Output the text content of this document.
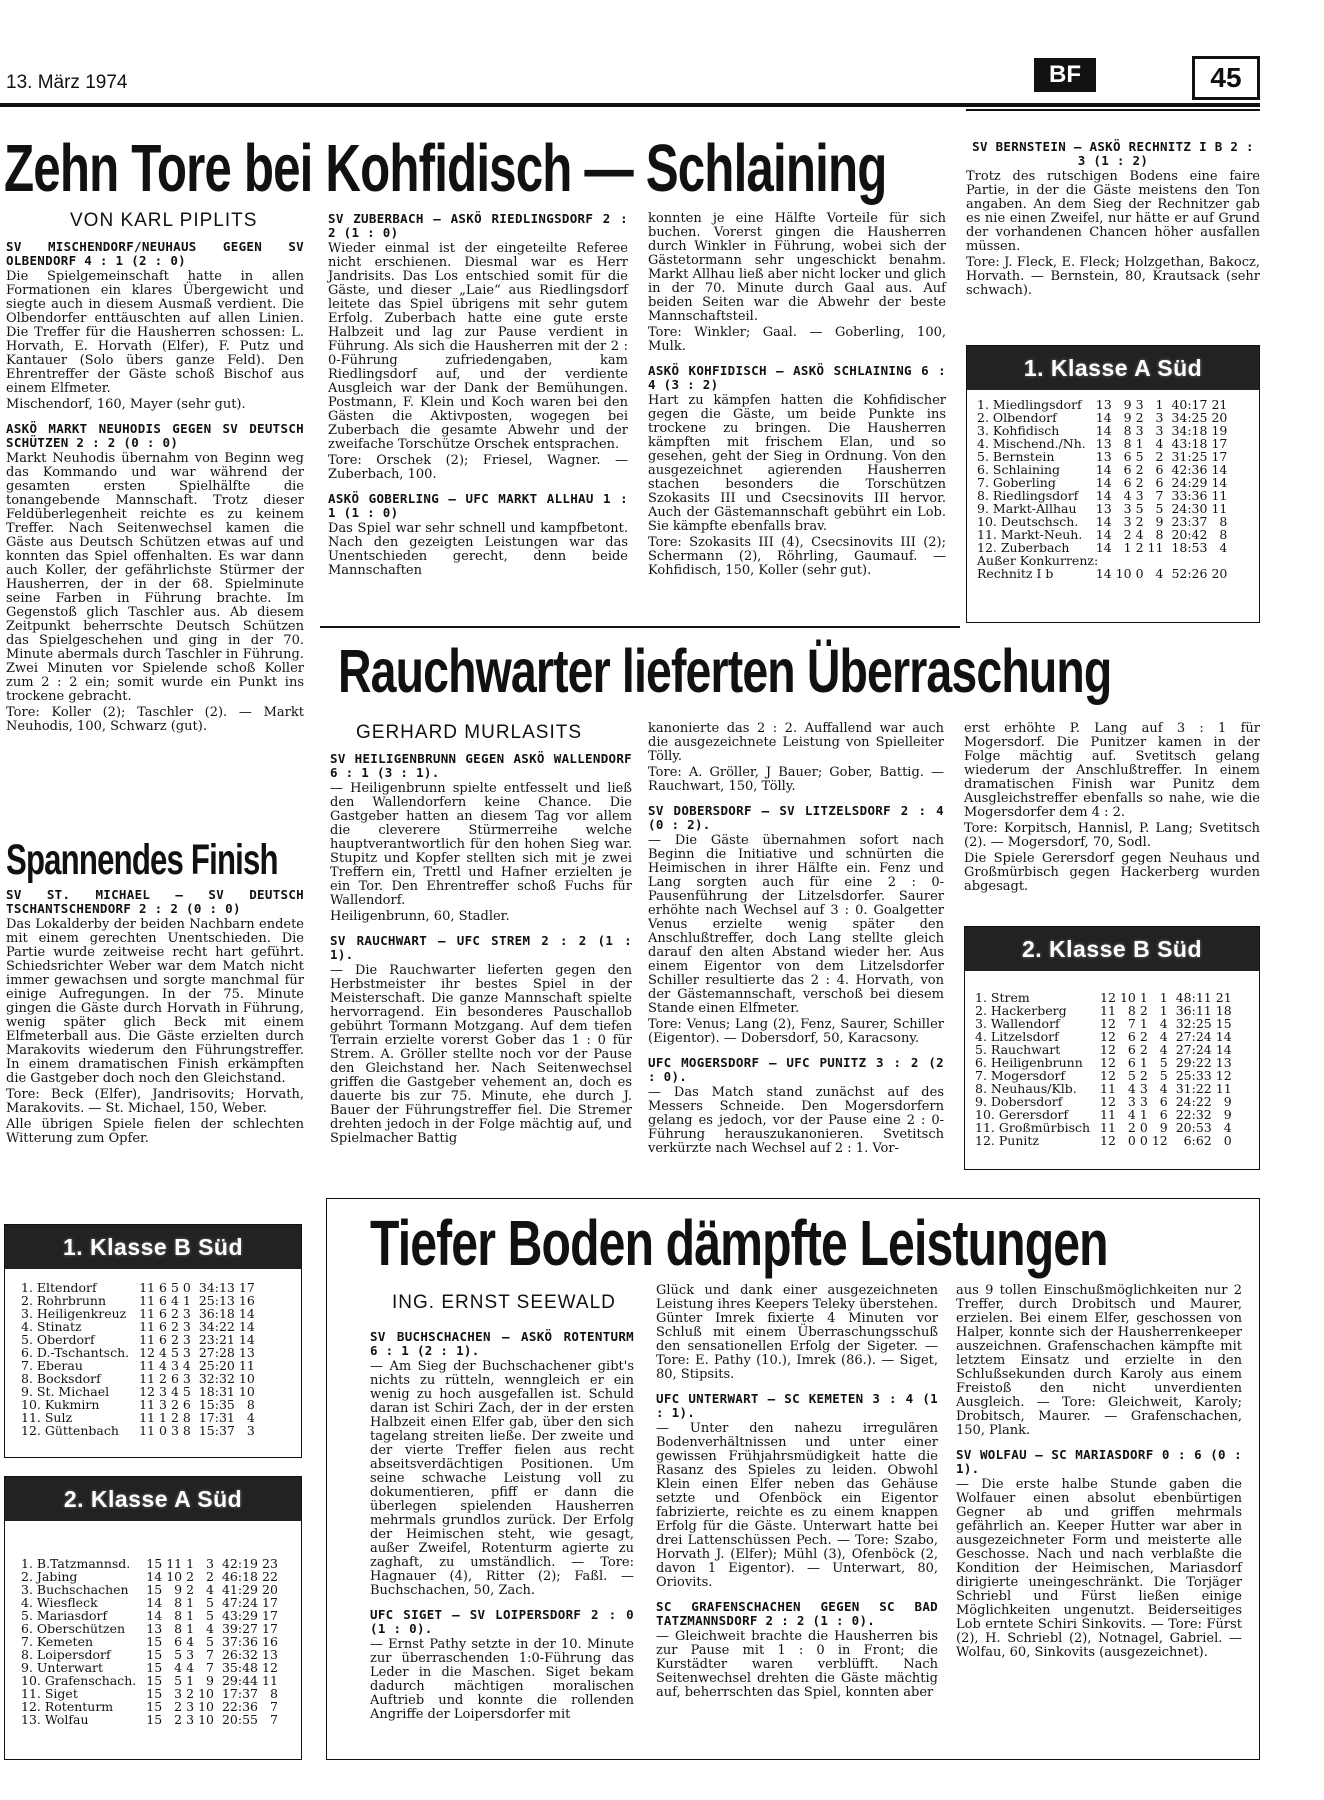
13. März 1974	BF	45
Zehn Tore bei Kohfidisch — Schlaining
VON KARL PIPLITS

SV MISCHENDORF/NEUHAUS GEGEN SV OLBENDORF 4 : 1 (2 : 0)

Die Spielgemeinschaft hatte in allen Formationen ein klares Übergewicht und siegte auch in diesem Ausmaß verdient. Die Olbendorfer enttäuschten auf allen Linien. Die Treffer für die Hausherren schossen: L. Horvath, E. Horvath (Elfer), F. Putz und Kantauer (Solo übers ganze Feld). Den Ehrentreffer der Gäste schoß Bischof aus einem Elfmeter.

Mischendorf, 160, Mayer (sehr gut).

ASKÖ MARKT NEUHODIS GEGEN SV DEUTSCH SCHÜTZEN 2 : 2 (0 : 0)

Markt Neuhodis übernahm von Beginn weg das Kommando und war während der gesamten ersten Spielhälfte die tonangebende Mannschaft. Trotz dieser Feldüberlegenheit reichte es zu keinem Treffer. Nach Seitenwechsel kamen die Gäste aus Deutsch Schützen etwas auf und konnten das Spiel offenhalten. Es war dann auch Koller, der gefährlichste Stürmer der Hausherren, der in der 68. Spielminute seine Farben in Führung brachte. Im Gegenstoß glich Taschler aus. Ab diesem Zeitpunkt beherrschte Deutsch Schützen das Spielgeschehen und ging in der 70. Minute abermals durch Taschler in Führung. Zwei Minuten vor Spielende schoß Koller zum 2 : 2 ein; somit wurde ein Punkt ins trockene gebracht.

Tore: Koller (2); Taschler (2). — Markt Neuhodis, 100, Schwarz (gut).

SV ZUBERBACH — ASKÖ RIEDLINGSDORF 2 : 2 (1 : 0)

Wieder einmal ist der eingeteilte Referee nicht erschienen. Diesmal war es Herr Jandrisits. Das Los entschied somit für die Gäste, und dieser „Laie“ aus Riedlingsdorf leitete das Spiel übrigens mit sehr gutem Erfolg. Zuberbach hatte eine gute erste Halbzeit und lag zur Pause verdient in Führung. Als sich die Hausherren mit der 2 : 0-Führung zufriedengaben, kam Riedlingsdorf auf, und der verdiente Ausgleich war der Dank der Bemühungen. Postmann, F. Klein und Koch waren bei den Gästen die Aktivposten, wogegen bei Zuberbach die gesamte Abwehr und der zweifache Torschütze Orschek entsprachen.

Tore: Orschek (2); Friesel, Wagner. — Zuberbach, 100.

ASKÖ GOBERLING — UFC MARKT ALLHAU 1 : 1 (1 : 0)

Das Spiel war sehr schnell und kampfbetont. Nach den gezeigten Leistungen war das Unentschieden gerecht, denn beide Mannschaften

konnten je eine Hälfte Vorteile für sich buchen. Vorerst gingen die Hausherren durch Winkler in Führung, wobei sich der Gästetormann sehr ungeschickt benahm. Markt Allhau ließ aber nicht locker und glich in der 70. Minute durch Gaal aus. Auf beiden Seiten war die Abwehr der beste Mannschaftsteil.

Tore: Winkler; Gaal. — Goberling, 100, Mulk.

ASKÖ KOHFIDISCH — ASKÖ SCHLAINING 6 : 4 (3 : 2)

Hart zu kämpfen hatten die Kohfidischer gegen die Gäste, um beide Punkte ins trockene zu bringen. Die Hausherren kämpften mit frischem Elan, und so gesehen, geht der Sieg in Ordnung. Von den ausgezeichnet agierenden Hausherren stachen besonders die Torschützen Szokasits III und Csecsinovits III hervor. Auch der Gästemannschaft gebührt ein Lob. Sie kämpfte ebenfalls brav.

Tore: Szokasits III (4), Csecsinovits III (2); Schermann (2), Röhrling, Gaumauf. — Kohfidisch, 150, Koller (sehr gut).

SV BERNSTEIN — ASKÖ RECHNITZ I B 2 : 3 (1 : 2)

Trotz des rutschigen Bodens eine faire Partie, in der die Gäste meistens den Ton angaben. An dem Sieg der Rechnitzer gab es nie einen Zweifel, nur hätte er auf Grund der vorhandenen Chancen höher ausfallen müssen.

Tore: J. Fleck, E. Fleck; Holzgethan, Bakocz, Horvath. — Bernstein, 80, Krautsack (sehr schwach).

1. Klasse A Süd
1. Miedlingsdorf	13	9	3	1	40:17	21
2. Olbendorf	14	9	2	3	34:25	20
3. Kohfidisch	14	8	3	3	34:18	19
4. Mischend./Nh.	13	8	1	4	43:18	17
5. Bernstein	13	6	5	2	31:25	17
6. Schlaining	14	6	2	6	42:36	14
7. Goberling	14	6	2	6	24:29	14
8. Riedlingsdorf	14	4	3	7	33:36	11
9. Markt-Allhau	13	3	5	5	24:30	11
10. Deutschsch.	14	3	2	9	23:37	8
11. Markt-Neuh.	14	2	4	8	20:42	8
12. Zuberbach	14	1	2	11	18:53	4
Außer Konkurrenz:						
Rechnitz I b	14	10	0	4	52:26	20
Spannendes Finish

SV ST. MICHAEL — SV DEUTSCH TSCHANTSCHENDORF 2 : 2 (0 : 0)

Das Lokalderby der beiden Nachbarn endete mit einem gerechten Unentschieden. Die Partie wurde zeitweise recht hart geführt. Schiedsrichter Weber war dem Match nicht immer gewachsen und sorgte manchmal für einige Aufregungen. In der 75. Minute gingen die Gäste durch Horvath in Führung, wenig später glich Beck mit einem Elfmeterball aus. Die Gäste erzielten durch Marakovits wiederum den Führungstreffer. In einem dramatischen Finish erkämpften die Gastgeber doch noch den Gleichstand.

Tore: Beck (Elfer), Jandrisovits; Horvath, Marakovits. — St. Michael, 150, Weber.

Alle übrigen Spiele fielen der schlechten Witterung zum Opfer.

Rauchwarter lieferten Überraschung
GERHARD MURLASITS

SV HEILIGENBRUNN GEGEN ASKÖ WALLENDORF 6 : 1 (3 : 1).

— Heiligenbrunn spielte entfesselt und ließ den Wallendorfern keine Chance. Die Gastgeber hatten an diesem Tag vor allem die cleverere Stürmerreihe welche hauptverantwortlich für den hohen Sieg war. Stupitz und Kopfer stellten sich mit je zwei Treffern ein, Trettl und Hafner erzielten je ein Tor. Den Ehrentreffer schoß Fuchs für Wallendorf.

Heiligenbrunn, 60, Stadler.

SV RAUCHWART — UFC STREM 2 : 2 (1 : 1).

— Die Rauchwarter lieferten gegen den Herbstmeister ihr bestes Spiel in der Meisterschaft. Die ganze Mannschaft spielte hervorragend. Ein besonderes Pauschallob gebührt Tormann Motzgang. Auf dem tiefen Terrain erzielte vorerst Gober das 1 : 0 für Strem. A. Gröller stellte noch vor der Pause den Gleichstand her. Nach Seitenwechsel griffen die Gastgeber vehement an, doch es dauerte bis zur 75. Minute, ehe durch J. Bauer der Führungstreffer fiel. Die Stremer drehten jedoch in der Folge mächtig auf, und Spielmacher Battig

kanonierte das 2 : 2. Auffallend war auch die ausgezeichnete Leistung von Spielleiter Tölly.

Tore: A. Gröller, J Bauer; Gober, Battig. — Rauchwart, 150, Tölly.

SV DOBERSDORF — SV LITZELSDORF 2 : 4 (0 : 2).

— Die Gäste übernahmen sofort nach Beginn die Initiative und schnürten die Heimischen in ihrer Hälfte ein. Fenz und Lang sorgten auch für eine 2 : 0-Pausenführung der Litzelsdorfer. Saurer erhöhte nach Wechsel auf 3 : 0. Goalgetter Venus erzielte wenig später den Anschlußtreffer, doch Lang stellte gleich darauf den alten Abstand wieder her. Aus einem Eigentor von dem Litzelsdorfer Schiller resultierte das 2 : 4. Horvath, von der Gästemannschaft, verschoß bei diesem Stande einen Elfmeter.

Tore: Venus; Lang (2), Fenz, Saurer, Schiller (Eigentor). — Dobersdorf, 50, Karacsony.

UFC MOGERSDORF — UFC PUNITZ 3 : 2 (2 : 0).

— Das Match stand zunächst auf des Messers Schneide. Den Mogersdorfern gelang es jedoch, vor der Pause eine 2 : 0-Führung herauszukanonieren. Svetitsch verkürzte nach Wechsel auf 2 : 1. Vor-

erst erhöhte P. Lang auf 3 : 1 für Mogersdorf. Die Punitzer kamen in der Folge mächtig auf. Svetitsch gelang wiederum der Anschlußtreffer. In einem dramatischen Finish war Punitz dem Ausgleichstreffer ebenfalls so nahe, wie die Mogersdorfer dem 4 : 2.

Tore: Korpitsch, Hannisl, P. Lang; Svetitsch (2). — Mogersdorf, 70, Sodl.

Die Spiele Gerersdorf gegen Neuhaus und Großmürbisch gegen Hackerberg wurden abgesagt.

2. Klasse B Süd
1. Strem	12	10	1	1	48:11	21
2. Hackerberg	11	8	2	1	36:11	18
3. Wallendorf	12	7	1	4	32:25	15
4. Litzelsdorf	12	6	2	4	27:24	14
5. Rauchwart	12	6	2	4	27:24	14
6. Heiligenbrunn	12	6	1	5	29:22	13
7. Mogersdorf	12	5	2	5	25:33	12
8. Neuhaus/Klb.	11	4	3	4	31:22	11
9. Dobersdorf	12	3	3	6	24:22	9
10. Gerersdorf	11	4	1	6	22:32	9
11. Großmürbisch	11	2	0	9	20:53	4
12. Punitz	12	0	0	12	6:62	0
1. Klasse B Süd
1. Eltendorf	11	6	5	0	34:13	17
2. Rohrbrunn	11	6	4	1	25:13	16
3. Heiligenkreuz	11	6	2	3	36:18	14
4. Stinatz	11	6	2	3	34:22	14
5. Oberdorf	11	6	2	3	23:21	14
6. D.-Tschantsch.	12	4	5	3	27:28	13
7. Eberau	11	4	3	4	25:20	11
8. Bocksdorf	11	2	6	3	32:32	10
9. St. Michael	12	3	4	5	18:31	10
10. Kukmirn	11	3	2	6	15:35	8
11. Sulz	11	1	2	8	17:31	4
12. Güttenbach	11	0	3	8	15:37	3
2. Klasse A Süd
1. B.Tatzmannsd.	15	11	1	3	42:19	23
2. Jabing	14	10	2	2	46:18	22
3. Buchschachen	15	9	2	4	41:29	20
4. Wiesfleck	14	8	1	5	47:24	17
5. Mariasdorf	14	8	1	5	43:29	17
6. Oberschützen	13	8	1	4	39:27	17
7. Kemeten	15	6	4	5	37:36	16
8. Loipersdorf	15	5	3	7	26:32	13
9. Unterwart	15	4	4	7	35:48	12
10. Grafenschach.	15	5	1	9	29:44	11
11. Siget	15	3	2	10	17:37	8
12. Rotenturm	15	2	3	10	22:36	7
13. Wolfau	15	2	3	10	20:55	7
Tiefer Boden dämpfte Leistungen
ING. ERNST SEEWALD

SV BUCHSCHACHEN — ASKÖ ROTENTURM 6 : 1 (2 : 1).

— Am Sieg der Buchschachener gibt's nichts zu rütteln, wenngleich er ein wenig zu hoch ausgefallen ist. Schuld daran ist Schiri Zach, der in der ersten Halbzeit einen Elfer gab, über den sich tagelang streiten ließe. Der zweite und der vierte Treffer fielen aus recht abseitsverdächtigen Positionen. Um seine schwache Leistung voll zu dokumentieren, pfiff er dann die überlegen spielenden Hausherren mehrmals grundlos zurück. Der Erfolg der Heimischen steht, wie gesagt, außer Zweifel, Rotenturm agierte zu zaghaft, zu umständlich. — Tore: Hagnauer (4), Ritter (2); Faßl. — Buchschachen, 50, Zach.

UFC SIGET — SV LOIPERSDORF 2 : 0 (1 : 0).

— Ernst Pathy setzte in der 10. Minute zur überraschenden 1:0-Führung das Leder in die Maschen. Siget bekam dadurch mächtigen moralischen Auftrieb und konnte die rollenden Angriffe der Loipersdorfer mit

Glück und dank einer ausgezeichneten Leistung ihres Keepers Teleky überstehen. Günter Imrek fixierte 4 Minuten vor Schluß mit einem Überraschungsschuß den sensationellen Erfolg der Sigeter. — Tore: E. Pathy (10.), Imrek (86.). — Siget, 80, Stipsits.

UFC UNTERWART — SC KEMETEN 3 : 4 (1 : 1).

— Unter den nahezu irregulären Bodenverhältnissen und unter einer gewissen Frühjahrsmüdigkeit hatte die Rasanz des Spieles zu leiden. Obwohl Klein einen Elfer neben das Gehäuse setzte und Ofenböck ein Eigentor fabrizierte, reichte es zu einem knappen Erfolg für die Gäste. Unterwart hatte bei drei Lattenschüssen Pech. — Tore: Szabo, Horvath J. (Elfer); Mühl (3), Ofenböck (2, davon 1 Eigentor). — Unterwart, 80, Oriovits.

SC GRAFENSCHACHEN GEGEN SC BAD TATZMANNSDORF 2 : 2 (1 : 0).

— Gleichweit brachte die Hausherren bis zur Pause mit 1 : 0 in Front; die Kurstädter waren verblüfft. Nach Seitenwechsel drehten die Gäste mächtig auf, beherrschten das Spiel, konnten aber

aus 9 tollen Einschußmöglichkeiten nur 2 Treffer, durch Drobitsch und Maurer, erzielen. Bei einem Elfer, geschossen von Halper, konnte sich der Hausherrenkeeper auszeichnen. Grafenschachen kämpfte mit letztem Einsatz und erzielte in den Schlußsekunden durch Karoly aus einem Freistoß den nicht unverdienten Ausgleich. — Tore: Gleichweit, Karoly; Drobitsch, Maurer. — Grafenschachen, 150, Plank.

SV WOLFAU — SC MARIASDORF 0 : 6 (0 : 1).

— Die erste halbe Stunde gaben die Wolfauer einen absolut ebenbürtigen Gegner ab und griffen mehrmals gefährlich an. Keeper Hutter war aber in ausgezeichneter Form und meisterte alle Geschosse. Nach und nach verblaßte die Kondition der Heimischen, Mariasdorf dirigierte uneingeschränkt. Die Torjäger Schriebl und Fürst ließen einige Möglichkeiten ungenutzt. Beiderseitiges Lob erntete Schiri Sinkovits. — Tore: Fürst (2), H. Schriebl (2), Notnagel, Gabriel. — Wolfau, 60, Sinkovits (ausgezeichnet).
